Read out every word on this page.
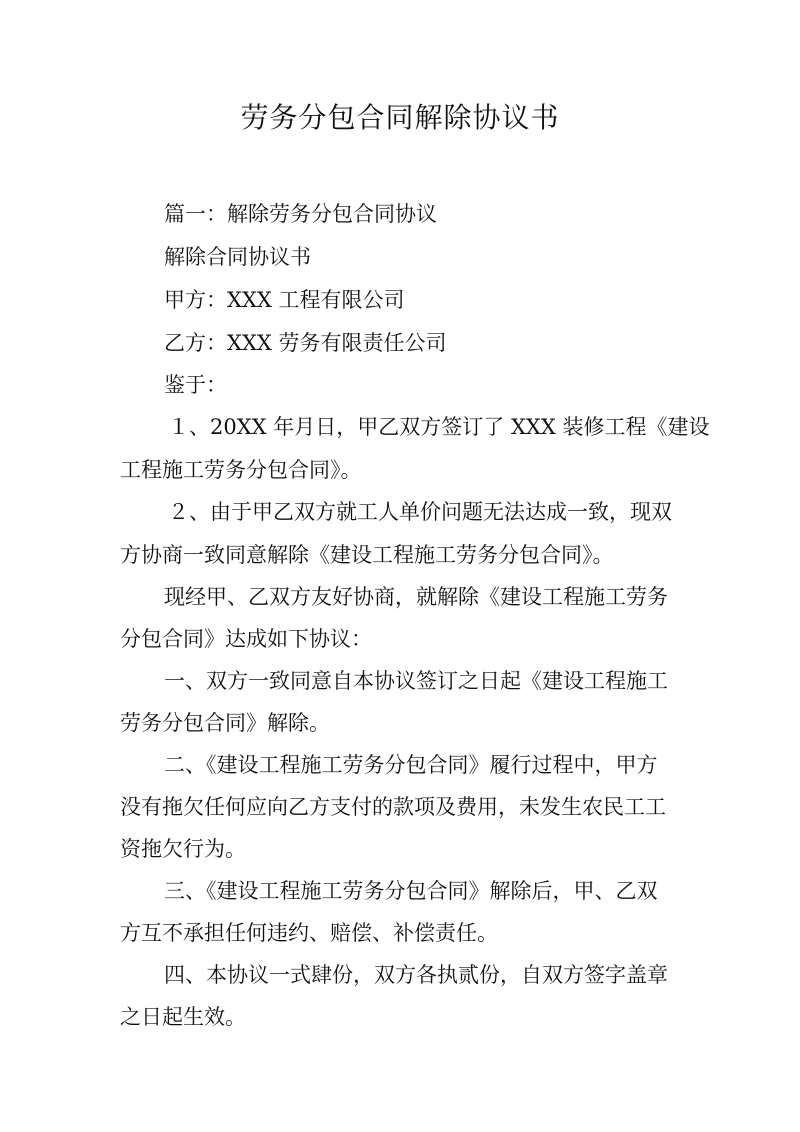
劳务分包合同解除协议书
篇一：解除劳务分包合同协议
解除合同协议书
甲方：XXX 工程有限公司
乙方：XXX 劳务有限责任公司
鉴于：
１、20XX 年月日，甲乙双方签订了 XXX 装修工程《建设
工程施工劳务分包合同》。
２、由于甲乙双方就工人单价问题无法达成一致，现双
方协商一致同意解除《建设工程施工劳务分包合同》。
现经甲、乙双方友好协商，就解除《建设工程施工劳务
分包合同》达成如下协议：
一、双方一致同意自本协议签订之日起《建设工程施工
劳务分包合同》解除。
二、《建设工程施工劳务分包合同》履行过程中，甲方
没有拖欠任何应向乙方支付的款项及费用，未发生农民工工
资拖欠行为。
三、《建设工程施工劳务分包合同》解除后，甲、乙双
方互不承担任何违约、赔偿、补偿责任。
四、本协议一式肆份，双方各执贰份，自双方签字盖章
之日起生效。
